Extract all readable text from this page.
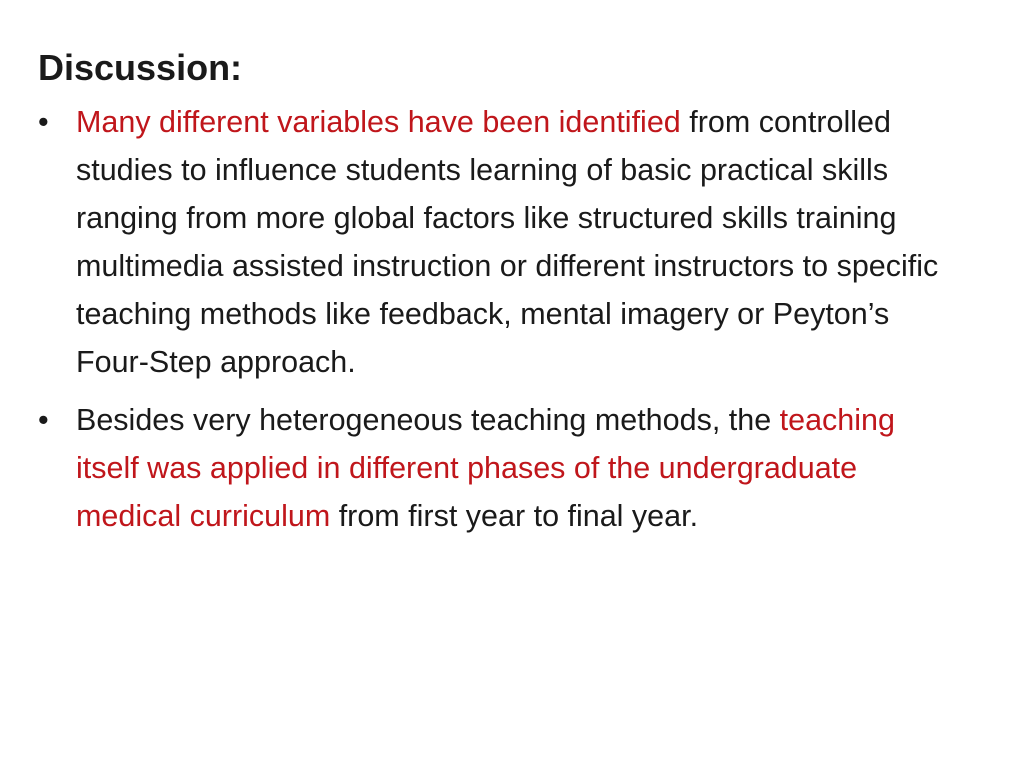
Discussion:
• Many different variables have been identified from controlled studies to influence students learning of basic practical skills ranging from more global factors like structured skills training multimedia assisted instruction or different instructors to specific teaching methods like feedback, mental imagery or Peyton’s Four-Step approach.
• Besides very heterogeneous teaching methods, the teaching itself was applied in different phases of the undergraduate medical curriculum from first year to final year.
